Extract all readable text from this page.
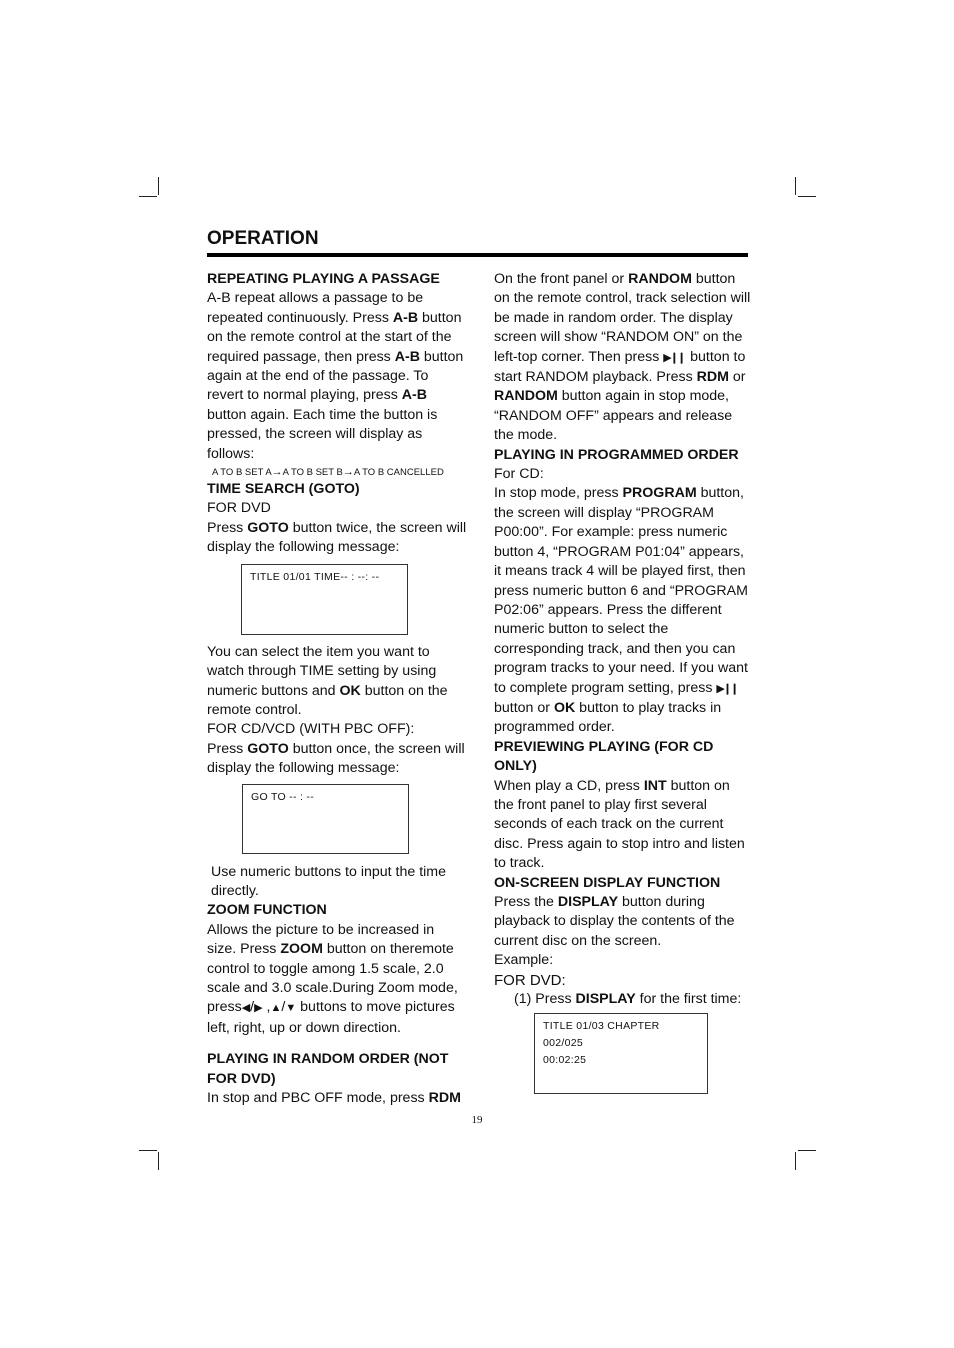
OPERATION

REPEATING PLAYING A PASSAGE

A-B repeat allows a passage to be repeated continuously. Press A-B button on the remote control at the start of the required passage, then press A-B button again at the end of the passage. To revert to normal playing, press A-B button again. Each time the button is pressed, the screen will display as follows:

A TO B SET A→A TO B SET B→A TO B CANCELLED

TIME SEARCH (GOTO)

FOR DVD

Press GOTO button twice, the screen will display the following message:

TITLE 01/01 TIME-- : --: --

You can select the item you want to watch through TIME setting by using numeric buttons and OK button on the remote control.

FOR CD/VCD (WITH PBC OFF):

Press GOTO button once, the screen will display the following message:

GO TO -- : --

Use numeric buttons to input the time directly.

ZOOM FUNCTION

Allows the picture to be increased in size. Press ZOOM button on theremote control to toggle among 1.5 scale, 2.0 scale and 3.0 scale.During Zoom mode, press◀/▶ ,▲/▼ buttons to move pictures left, right, up or down direction.

PLAYING IN RANDOM ORDER (NOT FOR DVD)

In stop and PBC OFF mode, press RDM

On the front panel or RANDOM button on the remote control, track selection will be made in random order. The display screen will show “RANDOM ON” on the left-top corner. Then press ▶❙❙ button to start RANDOM playback. Press RDM or RANDOM button again in stop mode, “RANDOM OFF” appears and release the mode.

PLAYING IN PROGRAMMED ORDER

For CD:

In stop mode, press PROGRAM button, the screen will display “PROGRAM P00:00”. For example: press numeric button 4, “PROGRAM P01:04” appears, it means track 4 will be played first, then press numeric button 6 and “PROGRAM P02:06” appears. Press the different numeric button to select the corresponding track, and then you can program tracks to your need. If you want to complete program setting, press ▶❙❙ button or OK button to play tracks in programmed order.

PREVIEWING PLAYING (FOR CD ONLY)

When play a CD, press INT button on the front panel to play first several seconds of each track on the current disc. Press again to stop intro and listen to track.

ON-SCREEN DISPLAY FUNCTION

Press the DISPLAY button during playback to display the contents of the current disc on the screen.

Example:

FOR DVD:

(1) Press DISPLAY for the first time:

TITLE 01/03 CHAPTER 002/025
00:02:25
19
